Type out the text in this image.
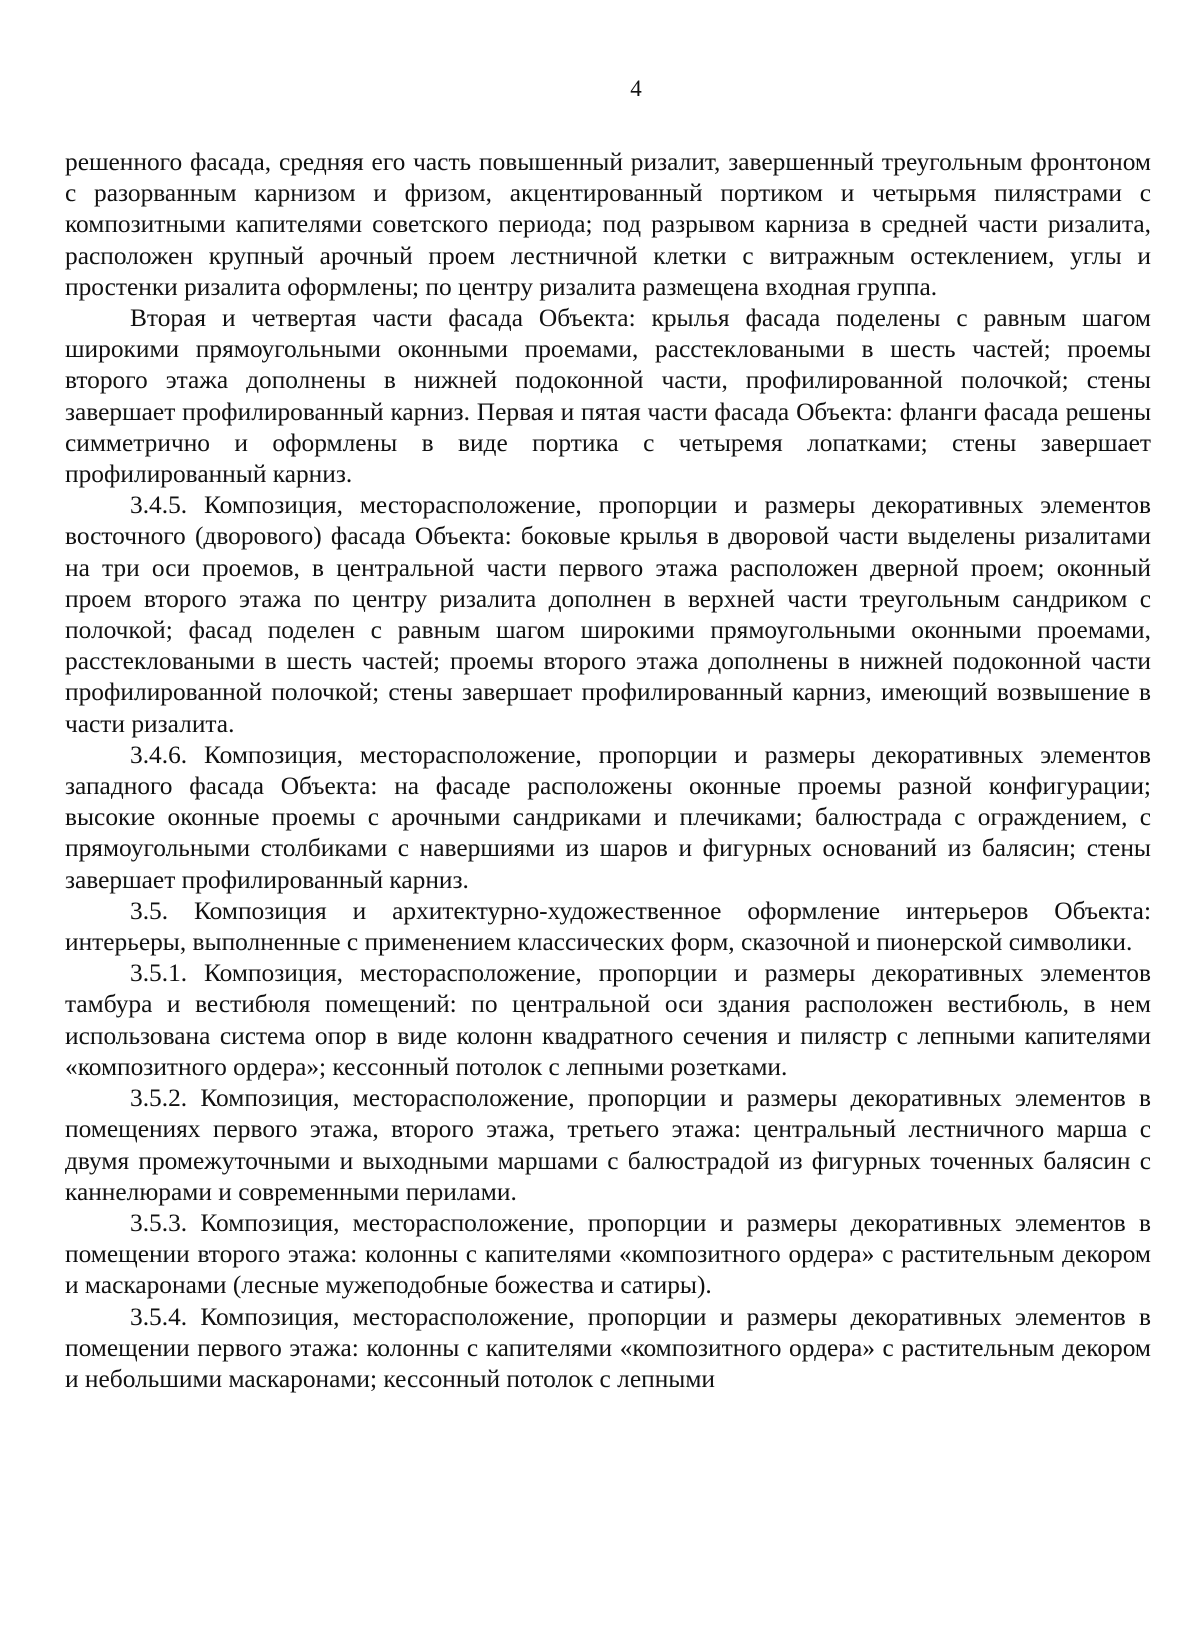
4

решенного фасада, средняя его часть повышенный ризалит, завершенный треугольным фронтоном с разорванным карнизом и фризом, акцентированный портиком и четырьмя пилястрами с композитными капителями советского периода; под разрывом карниза в средней части ризалита, расположен крупный арочный проем лестничной клетки с витражным остеклением, углы и простенки ризалита оформлены; по центру ризалита размещена входная группа.

Вторая и четвертая части фасада Объекта: крылья фасада поделены с равным шагом широкими прямоугольными оконными проемами, расстекловаными в шесть частей; проемы второго этажа дополнены в нижней подоконной части, профилированной полочкой; стены завершает профилированный карниз. Первая и пятая части фасада Объекта: фланги фасада решены симметрично и оформлены в виде портика с четыремя лопатками; стены завершает профилированный карниз.

3.4.5. Композиция, месторасположение, пропорции и размеры декоративных элементов восточного (дворового) фасада Объекта: боковые крылья в дворовой части выделены ризалитами на три оси проемов, в центральной части первого этажа расположен дверной проем; оконный проем второго этажа по центру ризалита дополнен в верхней части треугольным сандриком с полочкой; фасад поделен с равным шагом широкими прямоугольными оконными проемами, расстекловаными в шесть частей; проемы второго этажа дополнены в нижней подоконной части профилированной полочкой; стены завершает профилированный карниз, имеющий возвышение в части ризалита.

3.4.6. Композиция, месторасположение, пропорции и размеры декоративных элементов западного фасада Объекта: на фасаде расположены оконные проемы разной конфигурации; высокие оконные проемы с арочными сандриками и плечиками; балюстрада с ограждением, с прямоугольными столбиками с навершиями из шаров и фигурных оснований из балясин; стены завершает профилированный карниз.

3.5. Композиция и архитектурно-художественное оформление интерьеров Объекта: интерьеры, выполненные с применением классических форм, сказочной и пионерской символики.

3.5.1. Композиция, месторасположение, пропорции и размеры декоративных элементов тамбура и вестибюля помещений: по центральной оси здания расположен вестибюль, в нем использована система опор в виде колонн квадратного сечения и пилястр с лепными капителями «композитного ордера»; кессонный потолок с лепными розетками.

3.5.2. Композиция, месторасположение, пропорции и размеры декоративных элементов в помещениях первого этажа, второго этажа, третьего этажа: центральный лестничного марша с двумя промежуточными и выходными маршами с балюстрадой из фигурных точенных балясин с каннелюрами и современными перилами.

3.5.3. Композиция, месторасположение, пропорции и размеры декоративных элементов в помещении второго этажа: колонны с капителями «композитного ордера» с растительным декором и маскаронами (лесные мужеподобные божества и сатиры).

3.5.4. Композиция, месторасположение, пропорции и размеры декоративных элементов в помещении первого этажа: колонны с капителями «композитного ордера» с растительным декором и небольшими маскаронами; кессонный потолок с лепными
